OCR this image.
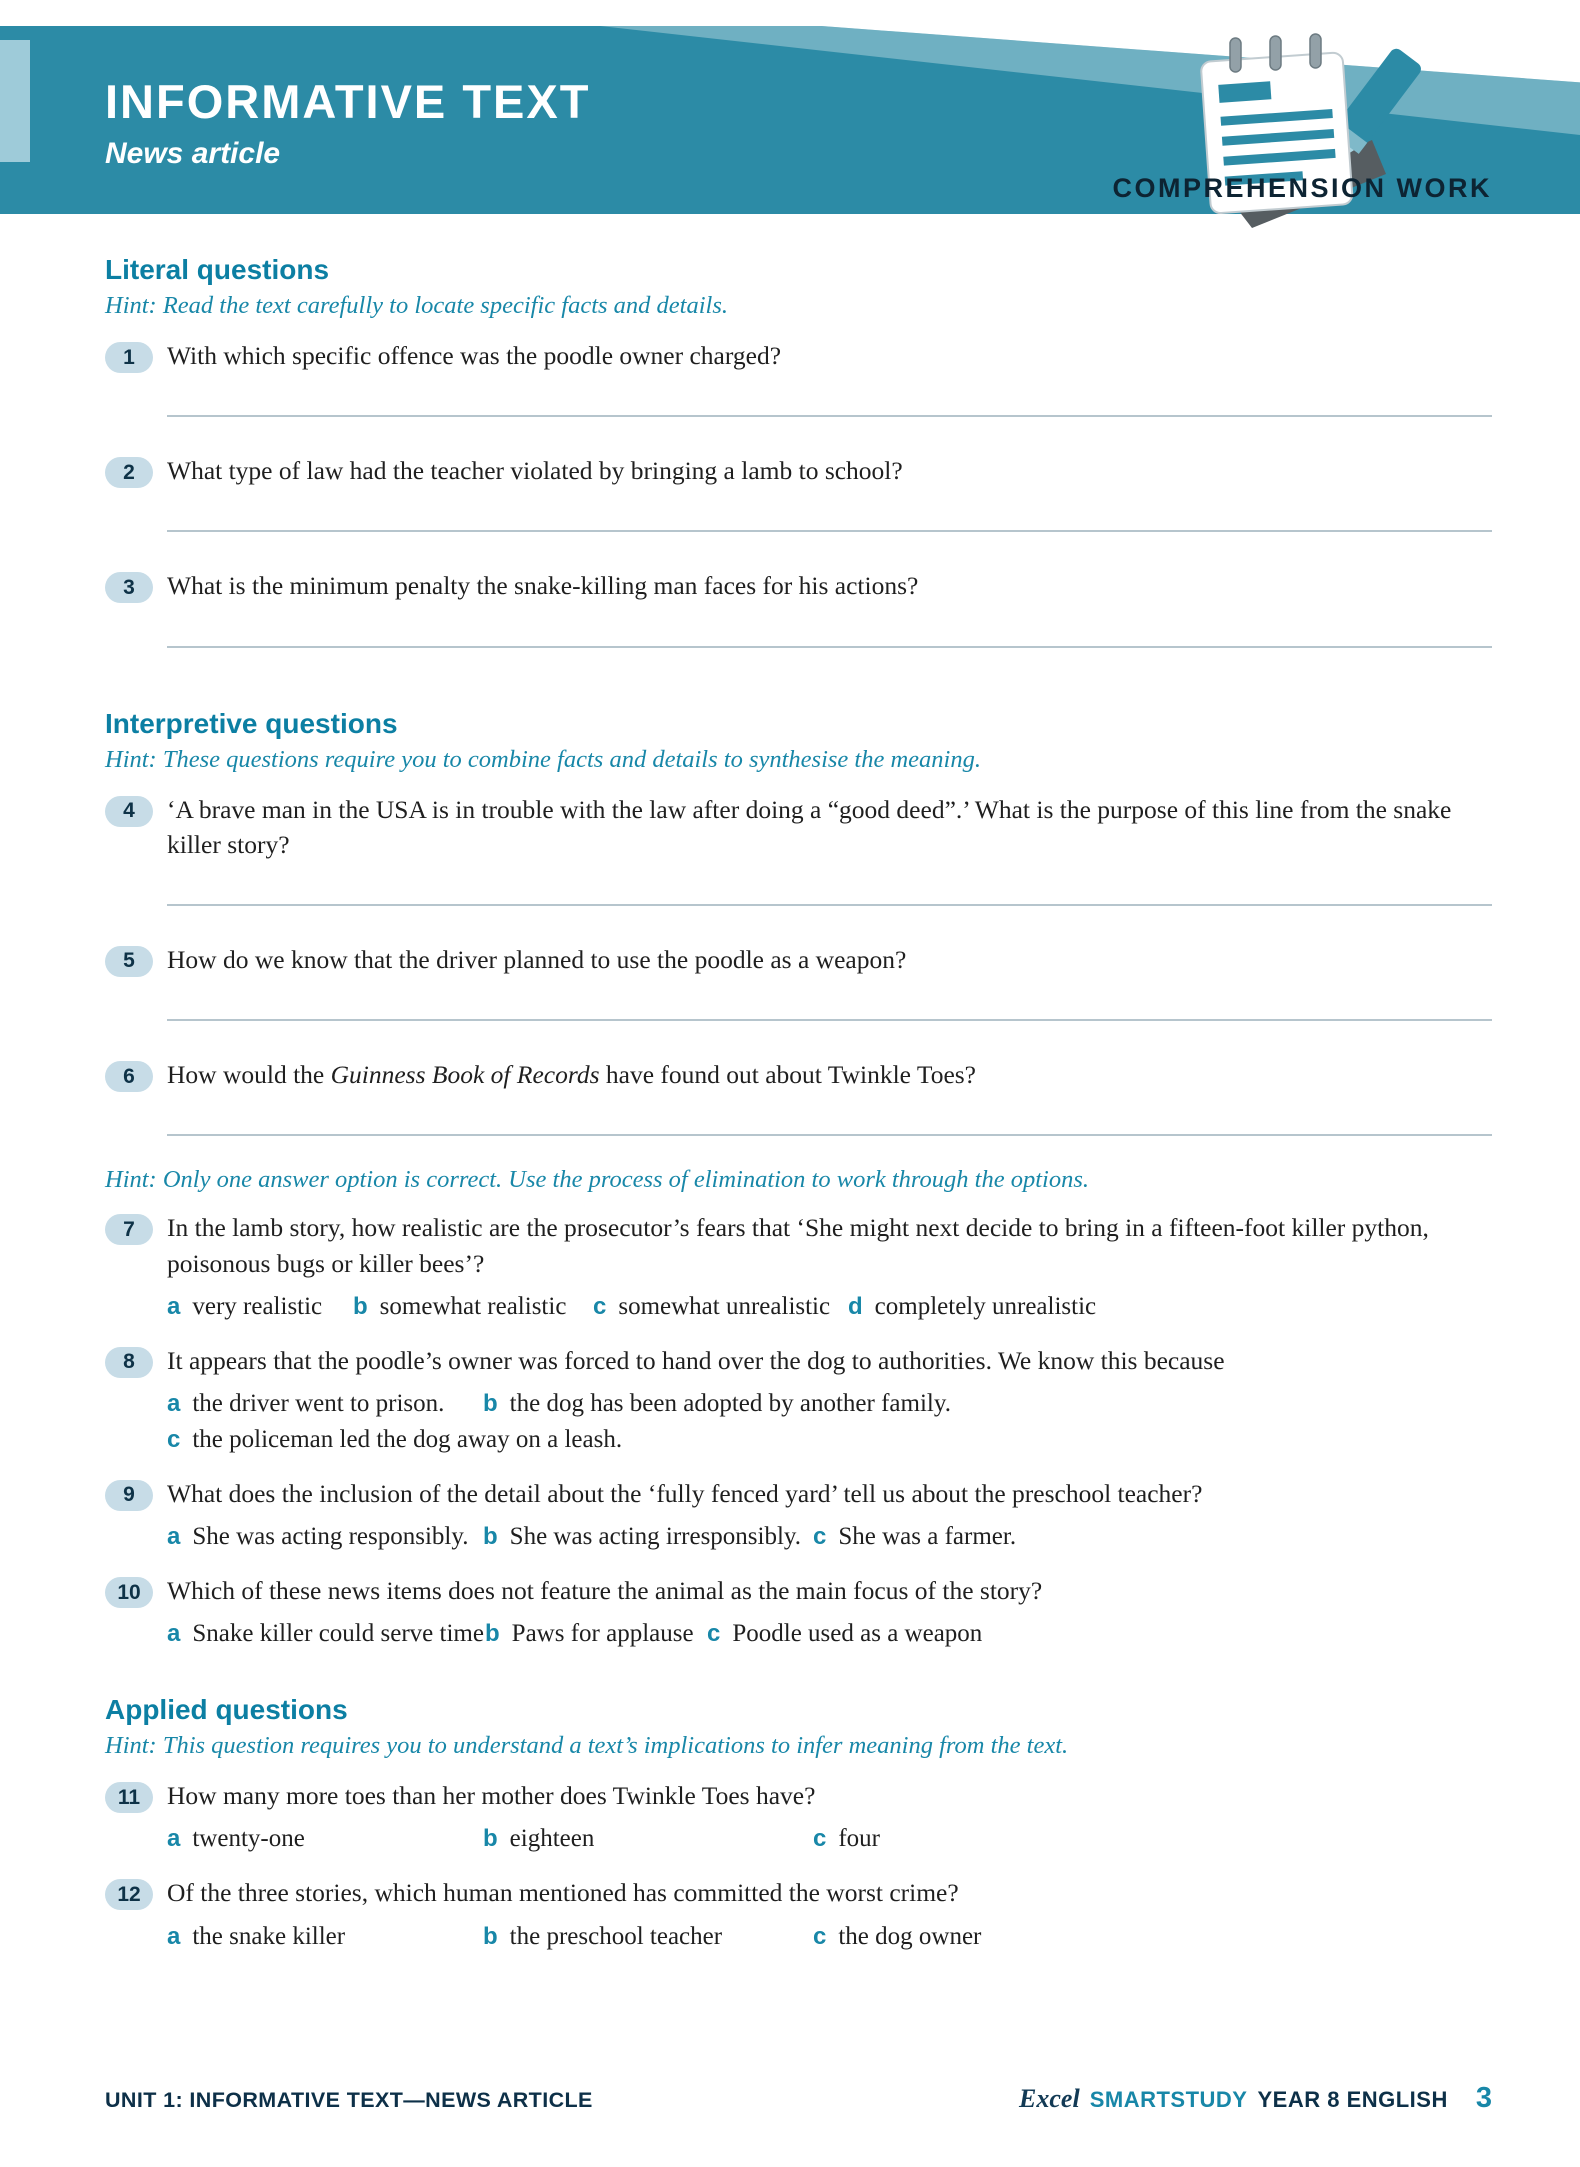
INFORMATIVE TEXT
News article
COMPREHENSION WORK
Literal questions

Hint: Read the text carefully to locate specific facts and details.

1	With which specific offence was the poodle owner charged?

2	What type of law had the teacher violated by bringing a lamb to school?

3	What is the minimum penalty the snake-killing man faces for his actions?

Interpretive questions

Hint: These questions require you to combine facts and details to synthesise the meaning.

4	‘A brave man in the USA is in trouble with the law after doing a “good deed”.’ What is the purpose of this line from the snake killer story?

5	How do we know that the driver planned to use the poodle as a weapon?

6	How would the Guinness Book of Records have found out about Twinkle Toes?

Hint: Only one answer option is correct. Use the process of elimination to work through the options.

7	In the lamb story, how realistic are the prosecutor’s fears that ‘She might next decide to bring in a fifteen-foot killer python, poisonous bugs or killer bees’?

a very realistic b somewhat realistic c somewhat unrealistic d completely unrealistic
8	It appears that the poodle’s owner was forced to hand over the dog to authorities. We know this because

a the driver went to prison. b the dog has been adopted by another family.
c the policeman led the dog away on a leash.
9	What does the inclusion of the detail about the ‘fully fenced yard’ tell us about the preschool teacher?

a She was acting responsibly. b She was acting irresponsibly. c She was a farmer.
10	Which of these news items does not feature the animal as the main focus of the story?

a Snake killer could serve time b Paws for applause c Poodle used as a weapon
Applied questions

Hint: This question requires you to understand a text’s implications to infer meaning from the text.

11	How many more toes than her mother does Twinkle Toes have?

a twenty-one	b eighteen	c four
12	Of the three stories, which human mentioned has committed the worst crime?

a the snake killer	b the preschool teacher	c the dog owner
UNIT 1: INFORMATIVE TEXT—NEWS ARTICLE	Excel SMARTSTUDY YEAR 8 ENGLISH 3
